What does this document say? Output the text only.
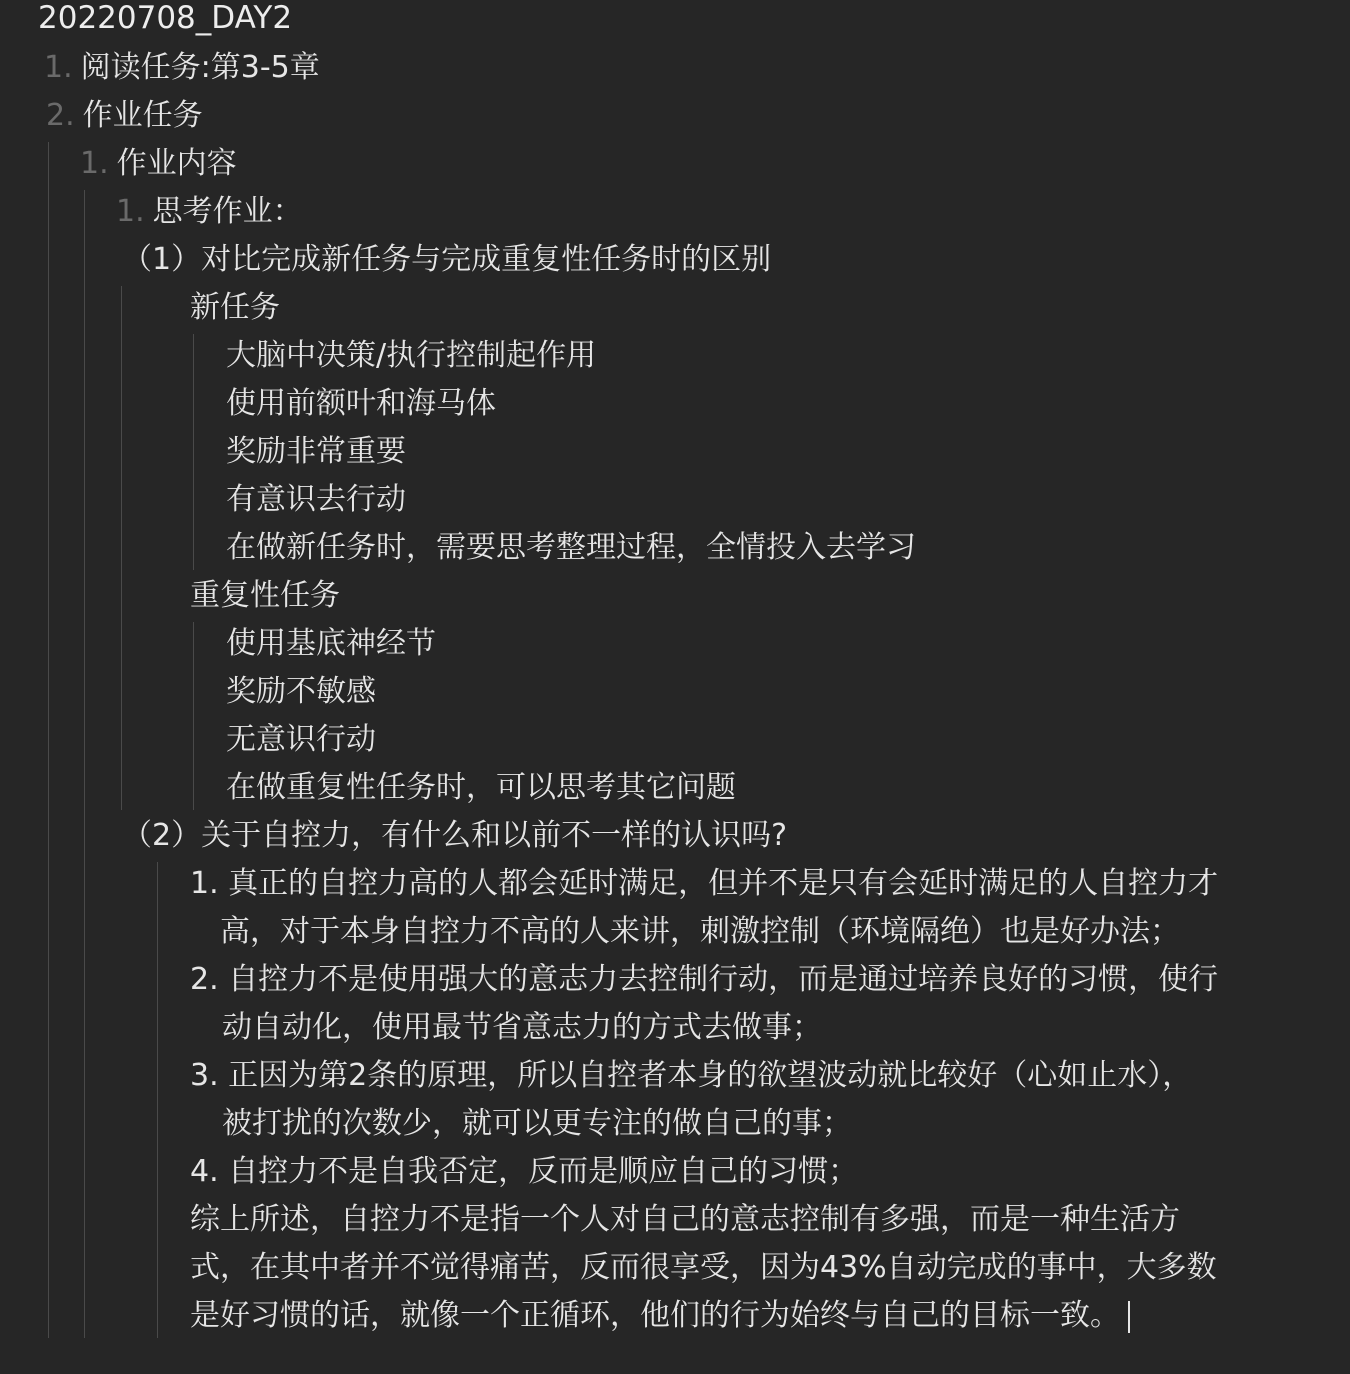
20220708_DAY2
1. 阅读任务:第3-5章
2. 作业任务
1. 作业内容
1. 思考作业：
（1）对比完成新任务与完成重复性任务时的区别
新任务
大脑中决策/执行控制起作用
使用前额叶和海马体
奖励非常重要
有意识去行动
在做新任务时，需要思考整理过程，全情投入去学习
重复性任务
使用基底神经节
奖励不敏感
无意识行动
在做重复性任务时，可以思考其它问题
（2）关于自控力，有什么和以前不一样的认识吗?
1. 真正的自控力高的人都会延时满足，但并不是只有会延时满足的人自控力才
高，对于本身自控力不高的人来讲，刺激控制（环境隔绝）也是好办法；
2. 自控力不是使用强大的意志力去控制行动，而是通过培养良好的习惯，使行
动自动化，使用最节省意志力的方式去做事；
3. 正因为第2条的原理，所以自控者本身的欲望波动就比较好（心如止水），
被打扰的次数少，就可以更专注的做自己的事；
4. 自控力不是自我否定，反而是顺应自己的习惯；
综上所述，自控力不是指一个人对自己的意志控制有多强，而是一种生活方
式，在其中者并不觉得痛苦，反而很享受，因为43%自动完成的事中，大多数
是好习惯的话，就像一个正循环，他们的行为始终与自己的目标一致。
